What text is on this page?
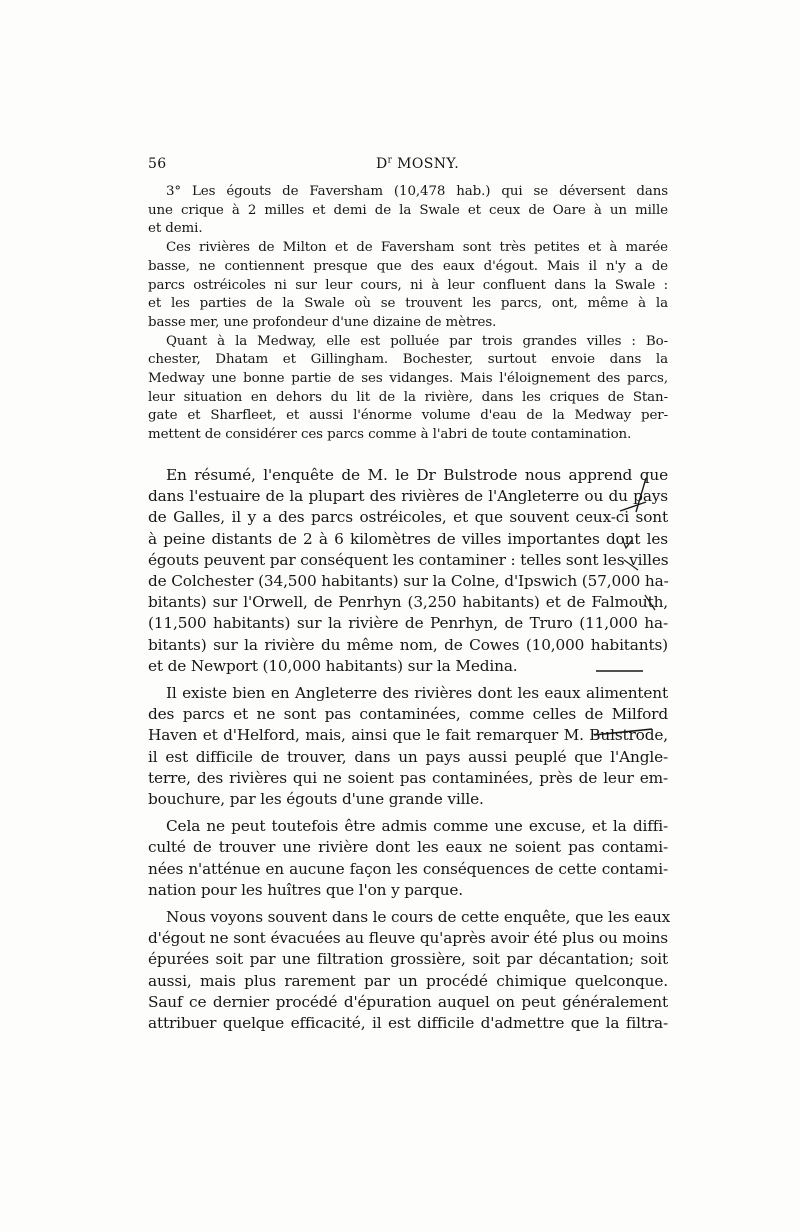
56	$D^r$ MOSNY.
3° Les égouts de Faversham (10,478 hab.) qui se déversent dans
une crique à 2 milles et demi de la Swale et ceux de Oare à un mille
et demi.
Ces rivières de Milton et de Faversham sont très petites et à marée
basse, ne contiennent presque que des eaux d'égout. Mais il n'y a de
parcs ostréicoles ni sur leur cours, ni à leur confluent dans la Swale :
et les parties de la Swale où se trouvent les parcs, ont, même à la
basse mer, une profondeur d'une dizaine de mètres.
Quant à la Medway, elle est polluée par trois grandes villes : Bo-
chester, Dhatam et Gillingham. Bochester, surtout envoie dans la
Medway une bonne partie de ses vidanges. Mais l'éloignement des parcs,
leur situation en dehors du lit de la rivière, dans les criques de Stan-
gate et Sharfleet, et aussi l'énorme volume d'eau de la Medway per-
mettent de considérer ces parcs comme à l'abri de toute contamination.
En résumé, l'enquête de M. le Dr Bulstrode nous apprend que
dans l'estuaire de la plupart des rivières de l'Angleterre ou du pays
de Galles, il y a des parcs ostréicoles, et que souvent ceux-ci sont
à peine distants de 2 à 6 kilomètres de villes importantes dont les
égouts peuvent par conséquent les contaminer : telles sont les villes
de Colchester (34,500 habitants) sur la Colne, d'Ipswich (57,000 ha-
bitants) sur l'Orwell, de Penrhyn (3,250 habitants) et de Falmouth,
(11,500 habitants) sur la rivière de Penrhyn, de Truro (11,000 ha-
bitants) sur la rivière du même nom, de Cowes (10,000 habitants)
et de Newport (10,000 habitants) sur la Medina.
Il existe bien en Angleterre des rivières dont les eaux alimentent
des parcs et ne sont pas contaminées, comme celles de Milford
Haven et d'Helford, mais, ainsi que le fait remarquer M. Bulstrode,
il est difficile de trouver, dans un pays aussi peuplé que l'Angle-
terre, des rivières qui ne soient pas contaminées, près de leur em-
bouchure, par les égouts d'une grande ville.
Cela ne peut toutefois être admis comme une excuse, et la diffi-
culté de trouver une rivière dont les eaux ne soient pas contami-
nées n'atténue en aucune façon les conséquences de cette contami-
nation pour les huîtres que l'on y parque.
Nous voyons souvent dans le cours de cette enquête, que les eaux
d'égout ne sont évacuées au fleuve qu'après avoir été plus ou moins
épurées soit par une filtration grossière, soit par décantation; soit
aussi, mais plus rarement par un procédé chimique quelconque.
Sauf ce dernier procédé d'épuration auquel on peut généralement
attribuer quelque efficacité, il est difficile d'admettre que la filtra-
